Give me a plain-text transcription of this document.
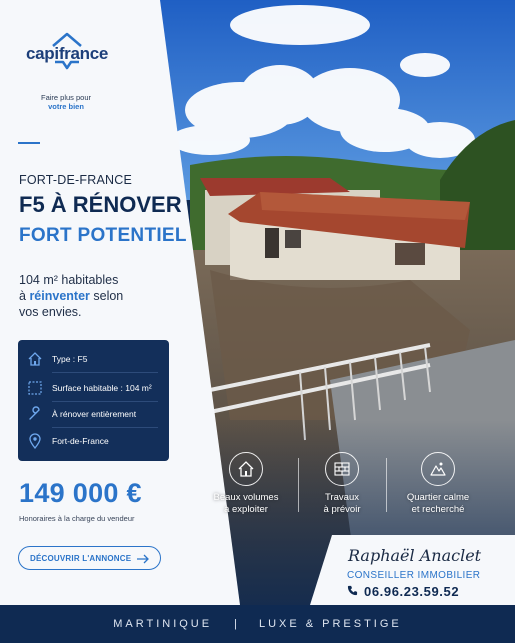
capifrance
Faire plus pour
votre bien
FORT-DE-FRANCE
F5 À RÉNOVER
FORT POTENTIEL
104 m² habitables
à réinventer selon
vos envies.
Type : F5
Surface habitable : 104 m²
À rénover entièrement
Fort-de-France
149 000 €
Honoraires à la charge du vendeur
DÉCOUVRIR L'ANNONCE
Beaux volumes
à exploiter
Travaux
à prévoir
Quartier calme
et recherché
Raphaël Anaclet
CONSEILLER IMMOBILIER
06.96.23.59.52
MARTINIQUE | LUXE & PRESTIGE
